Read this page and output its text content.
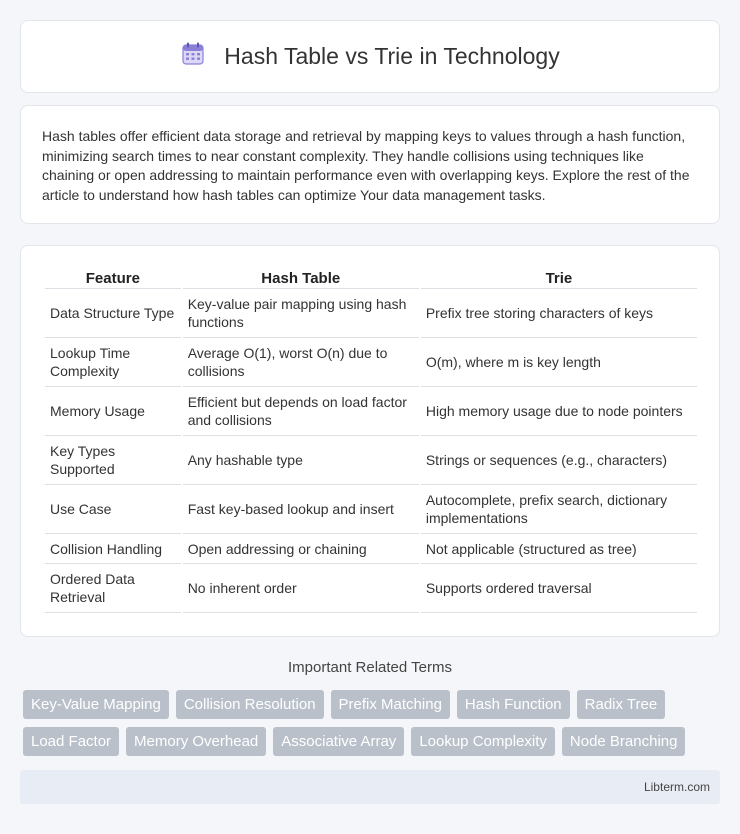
Hash Table vs Trie in Technology

Hash tables offer efficient data storage and retrieval by mapping keys to values through a hash function, minimizing search times to near constant complexity. They handle collisions using techniques like chaining or open addressing to maintain performance even with overlapping keys. Explore the rest of the article to understand how hash tables can optimize Your data management tasks.

Feature	Hash Table	Trie
Data Structure Type	Key-value pair mapping using hash functions	Prefix tree storing characters of keys
Lookup Time Complexity	Average O(1), worst O(n) due to collisions	O(m), where m is key length
Memory Usage	Efficient but depends on load factor and collisions	High memory usage due to node pointers
Key Types Supported	Any hashable type	Strings or sequences (e.g., characters)
Use Case	Fast key-based lookup and insert	Autocomplete, prefix search, dictionary implementations
Collision Handling	Open addressing or chaining	Not applicable (structured as tree)
Ordered Data Retrieval	No inherent order	Supports ordered traversal
Important Related Terms
Key-Value Mapping	Collision Resolution	Prefix Matching	Hash Function	Radix Tree
Load Factor	Memory Overhead	Associative Array	Lookup Complexity	Node Branching
Libterm.com
